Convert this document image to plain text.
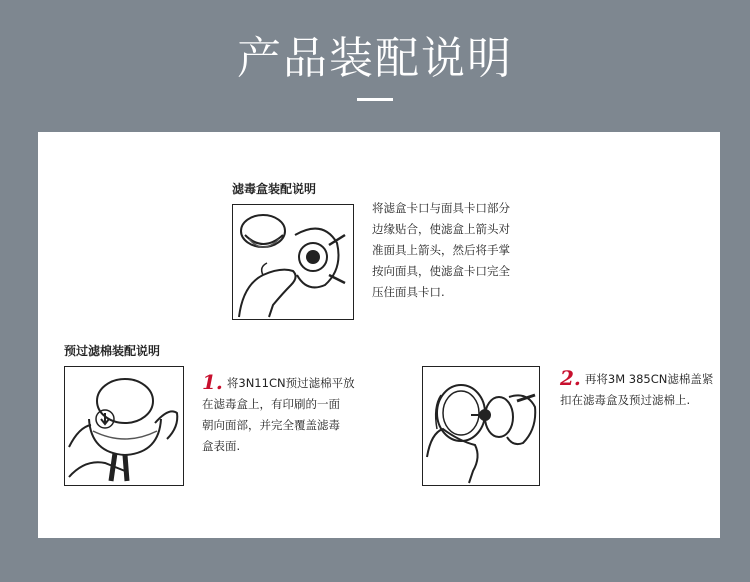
产品装配说明
滤毒盒装配说明
将滤盒卡口与面具卡口部分
边缘贴合，使滤盒上箭头对
准面具上箭头，然后将手掌
按向面具，使滤盒卡口完全
压住面具卡口.
预过滤棉装配说明
1. 将3N11CN预过滤棉平放
在滤毒盒上，有印刷的一面
朝向面部，并完全覆盖滤毒
盒表面.
2. 再将3M 385CN滤棉盖紧
扣在滤毒盒及预过滤棉上.
